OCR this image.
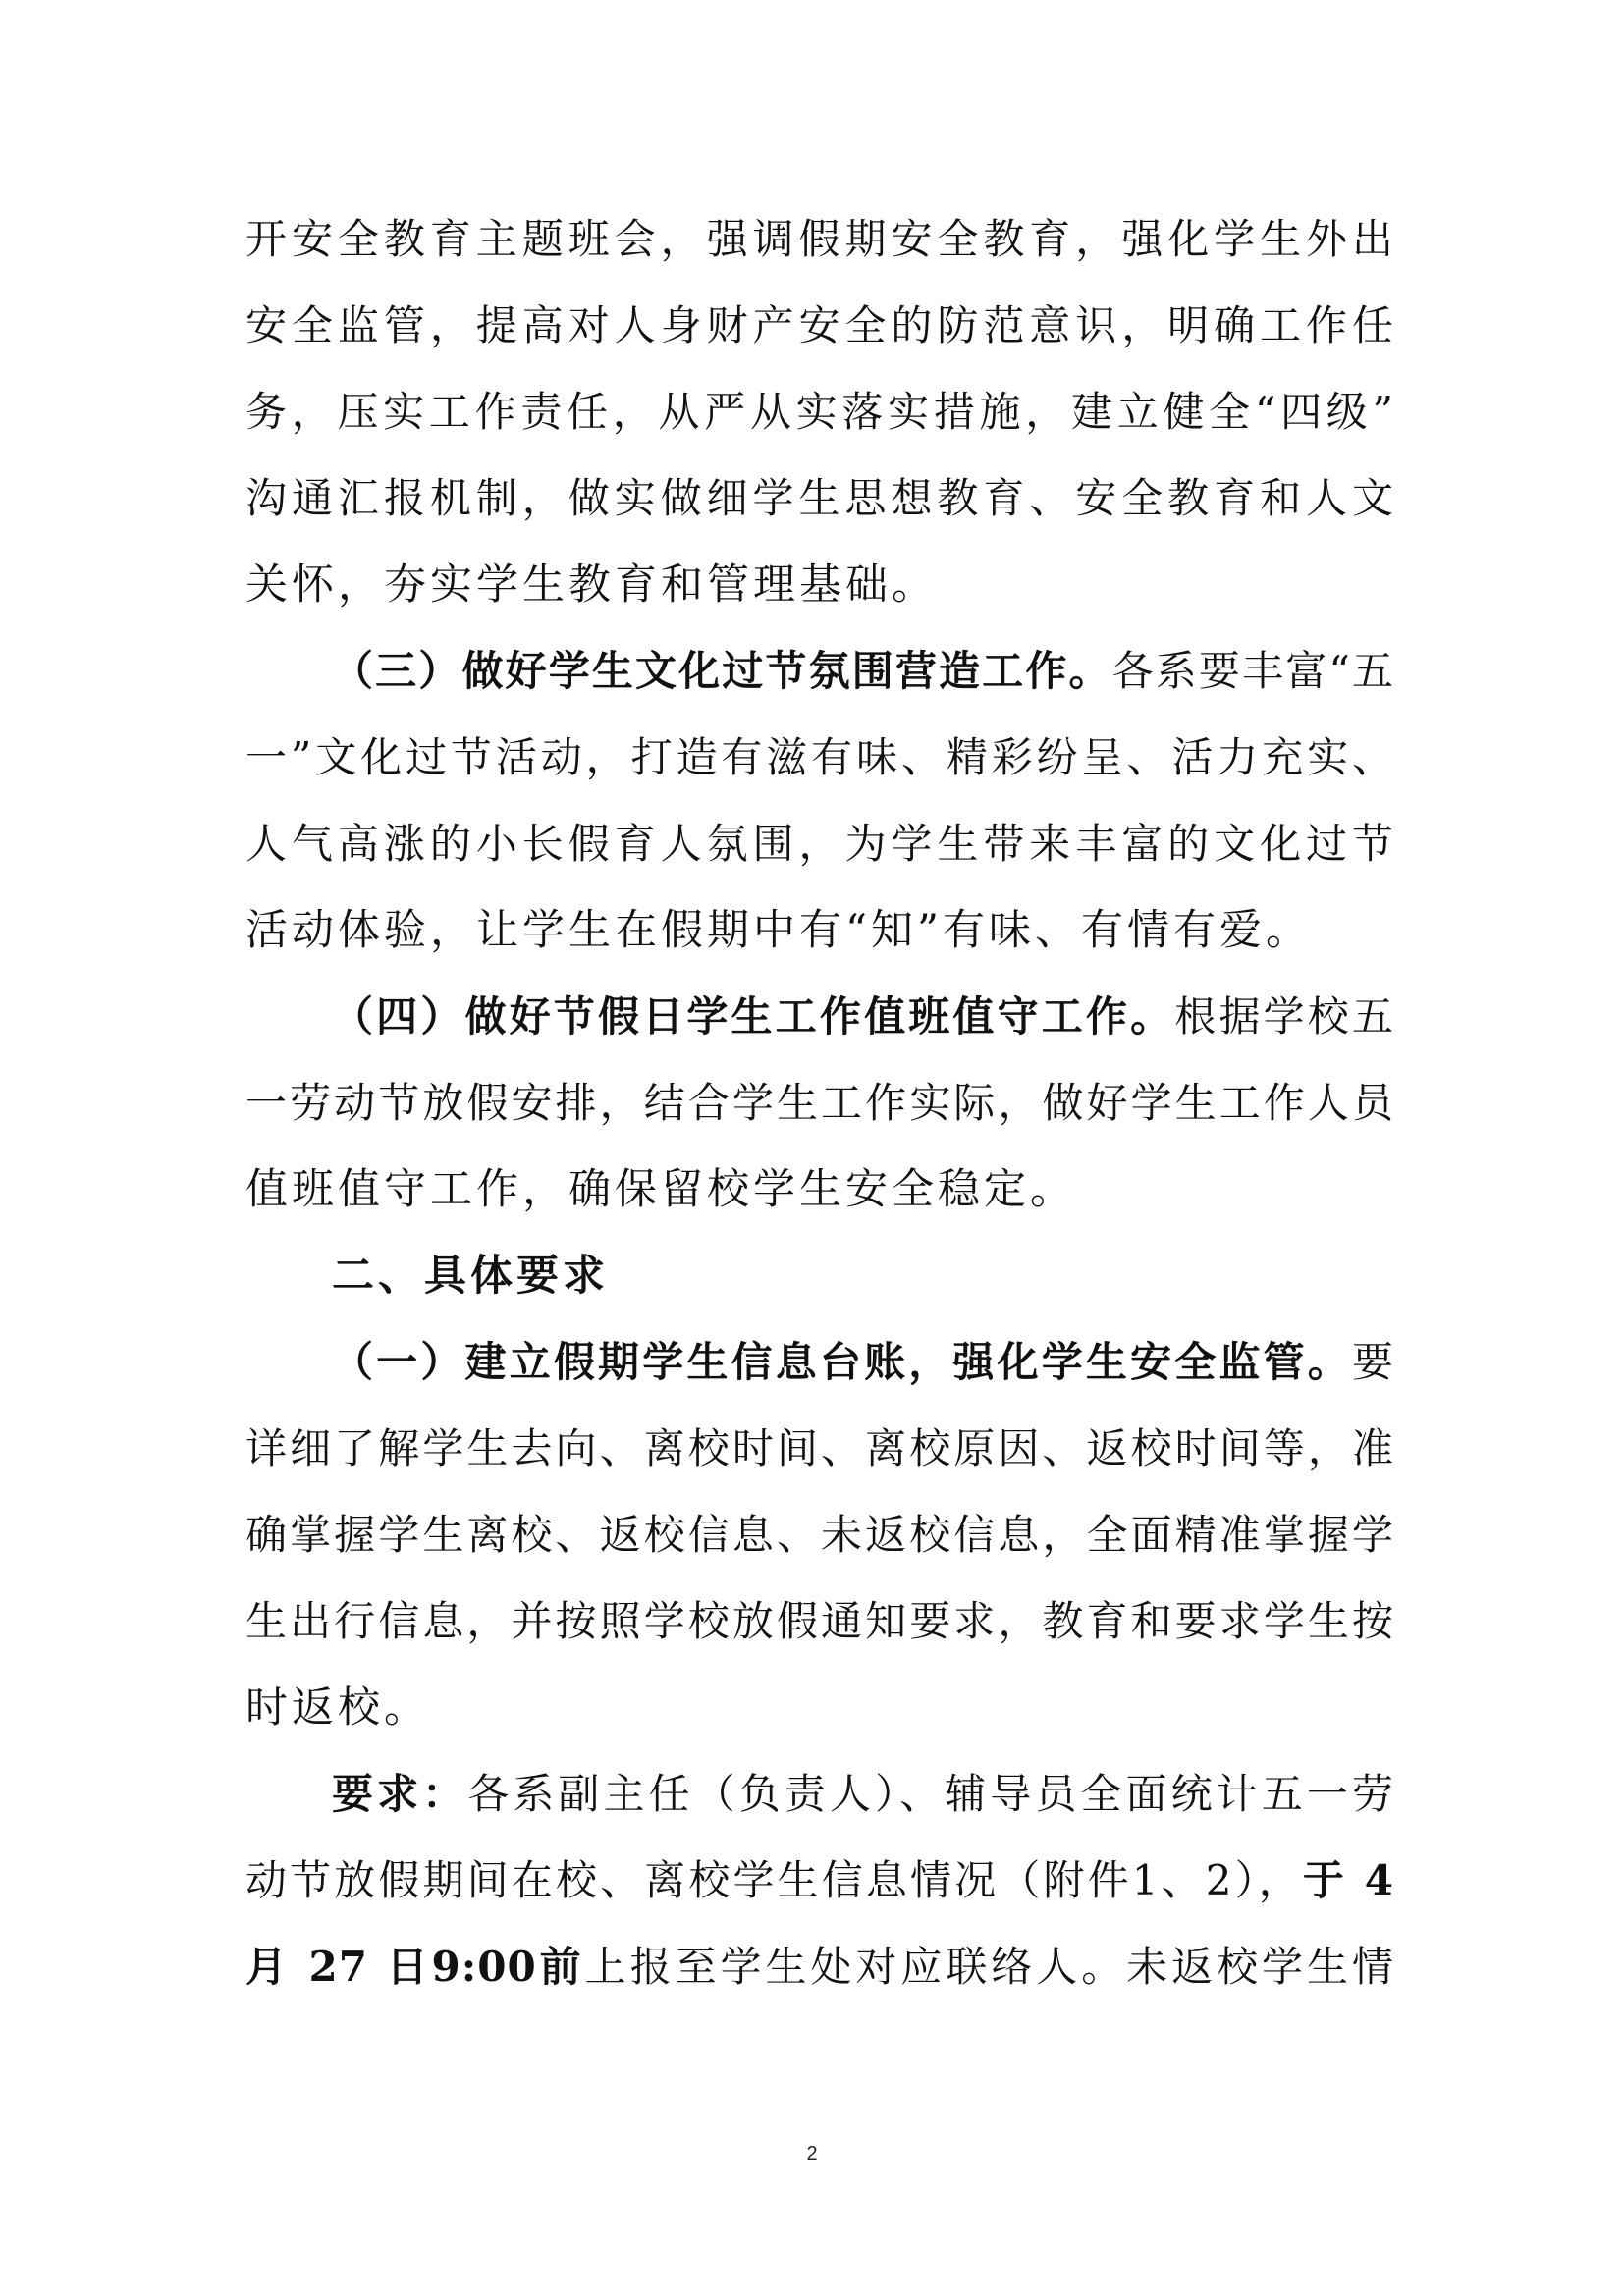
开安全教育主题班会，强调假期安全教育，强化学生外出
安全监管，提高对人身财产安全的防范意识，明确工作任
务，压实工作责任，从严从实落实措施，建立健全“四级”
沟通汇报机制，做实做细学生思想教育、安全教育和人文
关怀，夯实学生教育和管理基础。
（三）做好学生文化过节氛围营造工作。各系要丰富“五
一”文化过节活动，打造有滋有味、精彩纷呈、活力充实、
人气高涨的小长假育人氛围，为学生带来丰富的文化过节
活动体验，让学生在假期中有“知”有味、有情有爱。
（四）做好节假日学生工作值班值守工作。根据学校五
一劳动节放假安排，结合学生工作实际，做好学生工作人员
值班值守工作，确保留校学生安全稳定。
二、具体要求
（一）建立假期学生信息台账，强化学生安全监管。要
详细了解学生去向、离校时间、离校原因、返校时间等，准
确掌握学生离校、返校信息、未返校信息，全面精准掌握学
生出行信息，并按照学校放假通知要求，教育和要求学生按
时返校。
要求：各系副主任（负责人）、辅导员全面统计五一劳
动节放假期间在校、离校学生信息情况（附件1、2），于 4
月 27 日9:00前上报至学生处对应联络人。未返校学生情
2
